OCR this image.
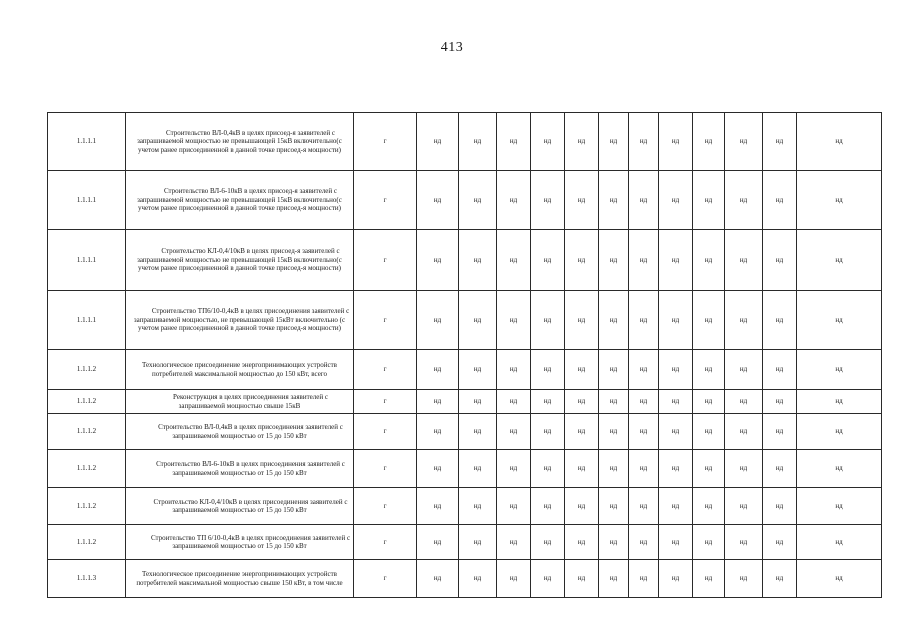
413
1.1.1.1	Строительство ВЛ-0,4кВ в целях присоед-я заявителей с запрашиваемой мощностью не превышающей 15кВ включительно(с учетом ранее присоединенной в данной точке присоед-я мощности)	г	нд	нд	нд	нд	нд	нд	нд	нд	нд	нд	нд	нд
1.1.1.1	Строительство ВЛ-6-10кВ в целях присоед-я заявителей с запрашиваемой мощностью не превышающей 15кВ включительно(с учетом ранее присоединенной в данной точке присоед-я мощности)	г	нд	нд	нд	нд	нд	нд	нд	нд	нд	нд	нд	нд
1.1.1.1	Строительство КЛ-0,4/10кВ в целях присоед-я заявителей с запрашиваемой мощностью не превышающей 15кВ включительно(с учетом ранее присоединенной в данной точке присоед-я мощности)	г	нд	нд	нд	нд	нд	нд	нд	нд	нд	нд	нд	нд
1.1.1.1	Строительство ТП6/10-0,4кВ в целях присоединения заявителей с запрашиваемой мощностью, не превышающей 15кВт включительно (с учетом ранее присоединенной в данной точке присоед-я мощности)	г	нд	нд	нд	нд	нд	нд	нд	нд	нд	нд	нд	нд
1.1.1.2	Технологическое присоединение энергопринимающих устройств потребителей максимальной мощностью до 150 кВт, всего	г	нд	нд	нд	нд	нд	нд	нд	нд	нд	нд	нд	нд
1.1.1.2	Реконструкция в целях присоединения заявителей с запрашиваемой мощностью свыше 15кВ	г	нд	нд	нд	нд	нд	нд	нд	нд	нд	нд	нд	нд
1.1.1.2	Строительство ВЛ-0,4кВ в целях присоединения заявителей с запрашиваемой мощностью от 15 до 150 кВт	г	нд	нд	нд	нд	нд	нд	нд	нд	нд	нд	нд	нд
1.1.1.2	Строительство ВЛ-6-10кВ в целях присоединения заявителей с запрашиваемой мощностью от 15 до 150 кВт	г	нд	нд	нд	нд	нд	нд	нд	нд	нд	нд	нд	нд
1.1.1.2	Строительство КЛ-0,4/10кВ в целях присоединения заявителей с запрашиваемой мощностью от 15 до 150 кВт	г	нд	нд	нд	нд	нд	нд	нд	нд	нд	нд	нд	нд
1.1.1.2	Строительство ТП 6/10-0,4кВ в целях присоединения заявителей с запрашиваемой мощностью от 15 до 150 кВт	г	нд	нд	нд	нд	нд	нд	нд	нд	нд	нд	нд	нд
1.1.1.3	Технологическое присоединение энергопринимающих устройств потребителей максимальной мощностью свыше 150 кВт, в том числе	г	нд	нд	нд	нд	нд	нд	нд	нд	нд	нд	нд	нд
